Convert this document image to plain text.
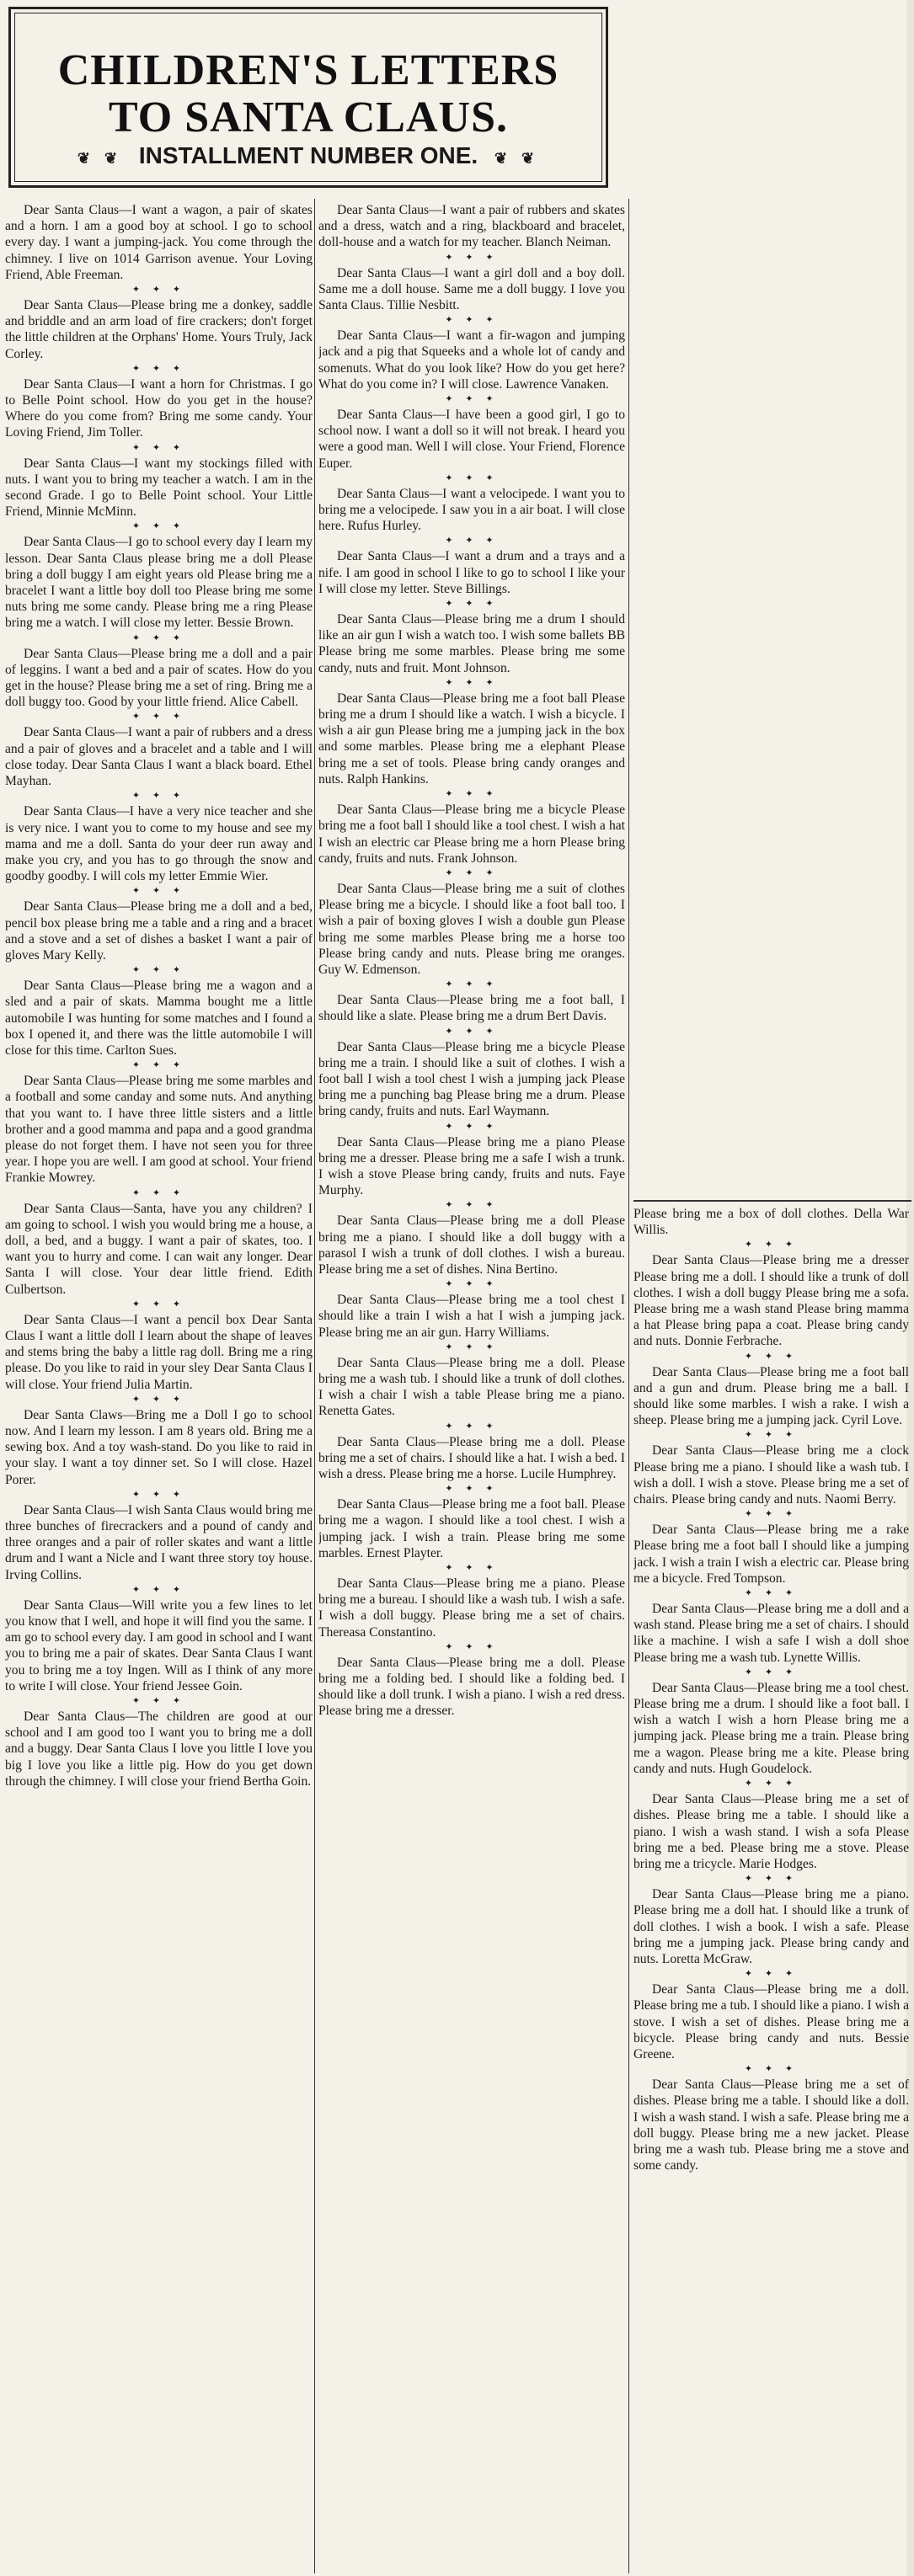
CHILDREN'S LETTERS
TO SANTA CLAUS.
❦ ❦ INSTALLMENT NUMBER ONE. ❦ ❦

Dear Santa Claus—I want a wagon, a pair of skates and a horn. I am a good boy at school. I go to school every day. I want a jumping-jack. You come through the chimney. I live on 1014 Garrison avenue. Your Loving Friend, Able Freeman.

✦ ✦ ✦

Dear Santa Claus—Please bring me a donkey, saddle and briddle and an arm load of fire crackers; don't forget the little children at the Orphans' Home. Yours Truly, Jack Corley.

✦ ✦ ✦

Dear Santa Claus—I want a horn for Christmas. I go to Belle Point school. How do you get in the house? Where do you come from? Bring me some candy. Your Loving Friend, Jim Toller.

✦ ✦ ✦

Dear Santa Claus—I want my stockings filled with nuts. I want you to bring my teacher a watch. I am in the second Grade. I go to Belle Point school. Your Little Friend, Minnie McMinn.

✦ ✦ ✦

Dear Santa Claus—I go to school every day I learn my lesson. Dear Santa Claus please bring me a doll Please bring a doll buggy I am eight years old Please bring me a bracelet I want a little boy doll too Please bring me some nuts bring me some candy. Please bring me a ring Please bring me a watch. I will close my letter. Bessie Brown.

✦ ✦ ✦

Dear Santa Claus—Please bring me a doll and a pair of leggins. I want a bed and a pair of scates. How do you get in the house? Please bring me a set of ring. Bring me a doll buggy too. Good by your little friend. Alice Cabell.

✦ ✦ ✦

Dear Santa Claus—I want a pair of rubbers and a dress and a pair of gloves and a bracelet and a table and I will close today. Dear Santa Claus I want a black board. Ethel Mayhan.

✦ ✦ ✦

Dear Santa Claus—I have a very nice teacher and she is very nice. I want you to come to my house and see my mama and me a doll. Santa do your deer run away and make you cry, and you has to go through the snow and goodby goodby. I will cols my letter Emmie Wier.

✦ ✦ ✦

Dear Santa Claus—Please bring me a doll and a bed, pencil box please bring me a table and a ring and a bracet and a stove and a set of dishes a basket I want a pair of gloves Mary Kelly.

✦ ✦ ✦

Dear Santa Claus—Please bring me a wagon and a sled and a pair of skats. Mamma bought me a little automobile I was hunting for some matches and I found a box I opened it, and there was the little automobile I will close for this time. Carlton Sues.

✦ ✦ ✦

Dear Santa Claus—Please bring me some marbles and a football and some canday and some nuts. And anything that you want to. I have three little sisters and a little brother and a good mamma and papa and a good grandma please do not forget them. I have not seen you for three year. I hope you are well. I am good at school. Your friend Frankie Mowrey.

✦ ✦ ✦

Dear Santa Claus—Santa, have you any children? I am going to school. I wish you would bring me a house, a doll, a bed, and a buggy. I want a pair of skates, too. I want you to hurry and come. I can wait any longer. Dear Santa I will close. Your dear little friend. Edith Culbertson.

✦ ✦ ✦

Dear Santa Claus—I want a pencil box Dear Santa Claus I want a little doll I learn about the shape of leaves and stems bring the baby a little rag doll. Bring me a ring please. Do you like to raid in your sley Dear Santa Claus I will close. Your friend Julia Martin.

✦ ✦ ✦

Dear Santa Claws—Bring me a Doll I go to school now. And I learn my lesson. I am 8 years old. Bring me a sewing box. And a toy wash-stand. Do you like to raid in your slay. I want a toy dinner set. So I will close. Hazel Porer.

✦ ✦ ✦

Dear Santa Claus—I wish Santa Claus would bring me three bunches of firecrackers and a pound of candy and three oranges and a pair of roller skates and want a little drum and I want a Nicle and I want three story toy house. Irving Collins.

✦ ✦ ✦

Dear Santa Claus—Will write you a few lines to let you know that I well, and hope it will find you the same. I am go to school every day. I am good in school and I want you to bring me a pair of skates. Dear Santa Claus I want you to bring me a toy Ingen. Will as I think of any more to write I will close. Your friend Jessee Goin.

✦ ✦ ✦

Dear Santa Claus—The children are good at our school and I am good too I want you to bring me a doll and a buggy. Dear Santa Claus I love you little I love you big I love you like a little pig. How do you get down through the chimney. I will close your friend Bertha Goin.

Dear Santa Claus—I want a pair of rubbers and skates and a dress, watch and a ring, blackboard and bracelet, doll-house and a watch for my teacher. Blanch Neiman.

✦ ✦ ✦

Dear Santa Claus—I want a girl doll and a boy doll. Same me a doll house. Same me a doll buggy. I love you Santa Claus. Tillie Nesbitt.

✦ ✦ ✦

Dear Santa Claus—I want a fir-wagon and jumping jack and a pig that Squeeks and a whole lot of candy and somenuts. What do you look like? How do you get here? What do you come in? I will close. Lawrence Vanaken.

✦ ✦ ✦

Dear Santa Claus—I have been a good girl, I go to school now. I want a doll so it will not break. I heard you were a good man. Well I will close. Your Friend, Florence Euper.

✦ ✦ ✦

Dear Santa Claus—I want a velocipede. I want you to bring me a velocipede. I saw you in a air boat. I will close here. Rufus Hurley.

✦ ✦ ✦

Dear Santa Claus—I want a drum and a trays and a nife. I am good in school I like to go to school I like your I will close my letter. Steve Billings.

✦ ✦ ✦

Dear Santa Claus—Please bring me a drum I should like an air gun I wish a watch too. I wish some ballets BB Please bring me some marbles. Please bring me some candy, nuts and fruit. Mont Johnson.

✦ ✦ ✦

Dear Santa Claus—Please bring me a foot ball Please bring me a drum I should like a watch. I wish a bicycle. I wish a air gun Please bring me a jumping jack in the box and some marbles. Please bring me a elephant Please bring me a set of tools. Please bring candy oranges and nuts. Ralph Hankins.

✦ ✦ ✦

Dear Santa Claus—Please bring me a bicycle Please bring me a foot ball I should like a tool chest. I wish a hat I wish an electric car Please bring me a horn Please bring candy, fruits and nuts. Frank Johnson.

✦ ✦ ✦

Dear Santa Claus—Please bring me a suit of clothes Please bring me a bicycle. I should like a foot ball too. I wish a pair of boxing gloves I wish a double gun Please bring me some marbles Please bring me a horse too Please bring candy and nuts. Please bring me oranges. Guy W. Edmenson.

✦ ✦ ✦

Dear Santa Claus—Please bring me a foot ball, I should like a slate. Please bring me a drum Bert Davis.

✦ ✦ ✦

Dear Santa Claus—Please bring me a bicycle Please bring me a train. I should like a suit of clothes. I wish a foot ball I wish a tool chest I wish a jumping jack Please bring me a punching bag Please bring me a drum. Please bring candy, fruits and nuts. Earl Waymann.

✦ ✦ ✦

Dear Santa Claus—Please bring me a piano Please bring me a dresser. Please bring me a safe I wish a trunk. I wish a stove Please bring candy, fruits and nuts. Faye Murphy.

✦ ✦ ✦

Dear Santa Claus—Please bring me a doll Please bring me a piano. I should like a doll buggy with a parasol I wish a trunk of doll clothes. I wish a bureau. Please bring me a set of dishes. Nina Bertino.

✦ ✦ ✦

Dear Santa Claus—Please bring me a tool chest I should like a train I wish a hat I wish a jumping jack. Please bring me an air gun. Harry Williams.

✦ ✦ ✦

Dear Santa Claus—Please bring me a doll. Please bring me a wash tub. I should like a trunk of doll clothes. I wish a chair I wish a table Please bring me a piano. Renetta Gates.

✦ ✦ ✦

Dear Santa Claus—Please bring me a doll. Please bring me a set of chairs. I should like a hat. I wish a bed. I wish a dress. Please bring me a horse. Lucile Humphrey.

✦ ✦ ✦

Dear Santa Claus—Please bring me a foot ball. Please bring me a wagon. I should like a tool chest. I wish a jumping jack. I wish a train. Please bring me some marbles. Ernest Playter.

✦ ✦ ✦

Dear Santa Claus—Please bring me a piano. Please bring me a bureau. I should like a wash tub. I wish a safe. I wish a doll buggy. Please bring me a set of chairs. Thereasa Constantino.

✦ ✦ ✦

Dear Santa Claus—Please bring me a doll. Please bring me a folding bed. I should like a folding bed. I should like a doll trunk. I wish a piano. I wish a red dress. Please bring me a dresser.

Please bring me a box of doll clothes. Della War Willis.

✦ ✦ ✦

Dear Santa Claus—Please bring me a dresser Please bring me a doll. I should like a trunk of doll clothes. I wish a doll buggy Please bring me a sofa. Please bring me a wash stand Please bring mamma a hat Please bring papa a coat. Please bring candy and nuts. Donnie Ferbrache.

✦ ✦ ✦

Dear Santa Claus—Please bring me a foot ball and a gun and drum. Please bring me a ball. I should like some marbles. I wish a rake. I wish a sheep. Please bring me a jumping jack. Cyril Love.

✦ ✦ ✦

Dear Santa Claus—Please bring me a clock Please bring me a piano. I should like a wash tub. I wish a doll. I wish a stove. Please bring me a set of chairs. Please bring candy and nuts. Naomi Berry.

✦ ✦ ✦

Dear Santa Claus—Please bring me a rake Please bring me a foot ball I should like a jumping jack. I wish a train I wish a electric car. Please bring me a bicycle. Fred Tompson.

✦ ✦ ✦

Dear Santa Claus—Please bring me a doll and a wash stand. Please bring me a set of chairs. I should like a machine. I wish a safe I wish a doll shoe Please bring me a wash tub. Lynette Willis.

✦ ✦ ✦

Dear Santa Claus—Please bring me a tool chest. Please bring me a drum. I should like a foot ball. I wish a watch I wish a horn Please bring me a jumping jack. Please bring me a train. Please bring me a wagon. Please bring me a kite. Please bring candy and nuts. Hugh Goudelock.

✦ ✦ ✦

Dear Santa Claus—Please bring me a set of dishes. Please bring me a table. I should like a piano. I wish a wash stand. I wish a sofa Please bring me a bed. Please bring me a stove. Please bring me a tricycle. Marie Hodges.

✦ ✦ ✦

Dear Santa Claus—Please bring me a piano. Please bring me a doll hat. I should like a trunk of doll clothes. I wish a book. I wish a safe. Please bring me a jumping jack. Please bring candy and nuts. Loretta McGraw.

✦ ✦ ✦

Dear Santa Claus—Please bring me a doll. Please bring me a tub. I should like a piano. I wish a stove. I wish a set of dishes. Please bring me a bicycle. Please bring candy and nuts. Bessie Greene.

✦ ✦ ✦

Dear Santa Claus—Please bring me a set of dishes. Please bring me a table. I should like a doll. I wish a wash stand. I wish a safe. Please bring me a doll buggy. Please bring me a new jacket. Please bring me a wash tub. Please bring me a stove and some candy.
